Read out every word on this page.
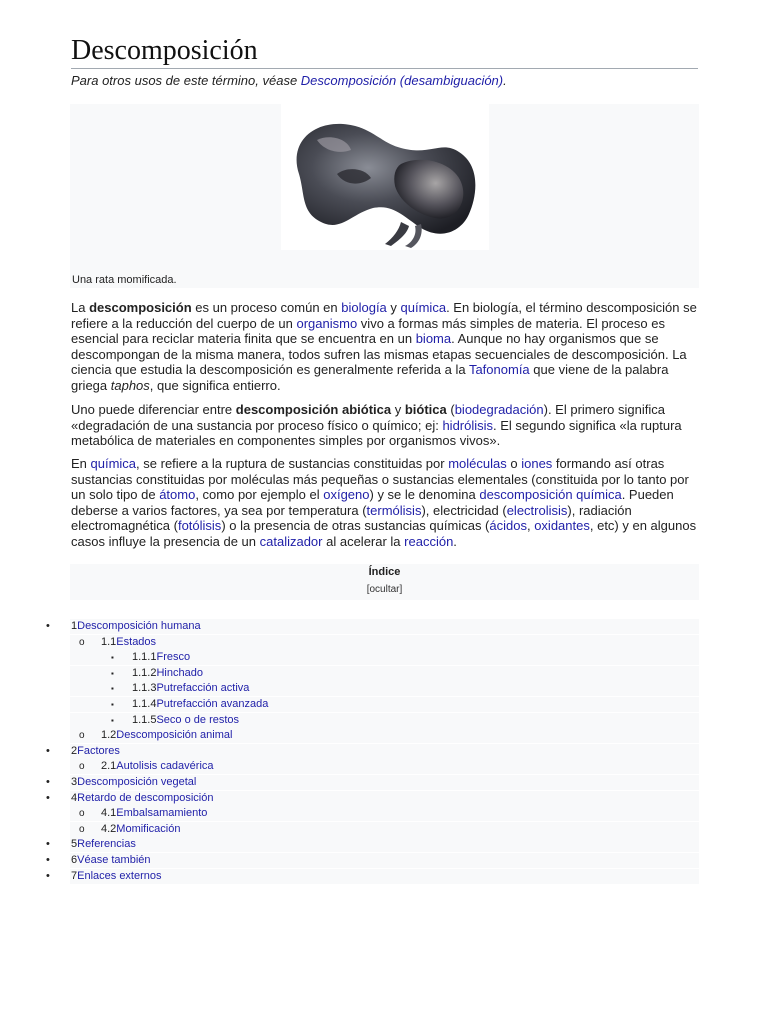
Descomposición
Para otros usos de este término, véase Descomposición (desambiguación).
Una rata momificada.

La descomposición es un proceso común en biología y química. En biología, el término descomposición se refiere a la reducción del cuerpo de un organismo vivo a formas más simples de materia. El proceso es esencial para reciclar materia finita que se encuentra en un bioma. Aunque no hay organismos que se descompongan de la misma manera, todos sufren las mismas etapas secuenciales de descomposición. La ciencia que estudia la descomposición es generalmente referida a la Tafonomía que viene de la palabra griega taphos, que significa entierro.

Uno puede diferenciar entre descomposición abiótica y biótica (biodegradación). El primero significa «degradación de una sustancia por proceso físico o químico; ej: hidrólisis. El segundo significa «la ruptura metabólica de materiales en componentes simples por organismos vivos».

En química, se refiere a la ruptura de sustancias constituidas por moléculas o iones formando así otras sustancias constituidas por moléculas más pequeñas o sustancias elementales (constituida por lo tanto por un solo tipo de átomo, como por ejemplo el oxígeno) y se le denomina descomposición química. Pueden deberse a varios factores, ya sea por temperatura (termólisis), electricidad (electrolisis), radiación electromagnética (fotólisis) o la presencia de otras sustancias químicas (ácidos, oxidantes, etc) y en algunos casos influye la presencia de un catalizador al acelerar la reacción.

Índice
[ocultar]
• 1Descomposición humana
o 1.1Estados
▪ 1.1.1Fresco
▪ 1.1.2Hinchado
▪ 1.1.3Putrefacción activa
▪ 1.1.4Putrefacción avanzada
▪ 1.1.5Seco o de restos
o 1.2Descomposición animal
• 2Factores
o 2.1Autolisis cadavérica
• 3Descomposición vegetal
• 4Retardo de descomposición
o 4.1Embalsamamiento
o 4.2Momificación
• 5Referencias
• 6Véase también
• 7Enlaces externos
